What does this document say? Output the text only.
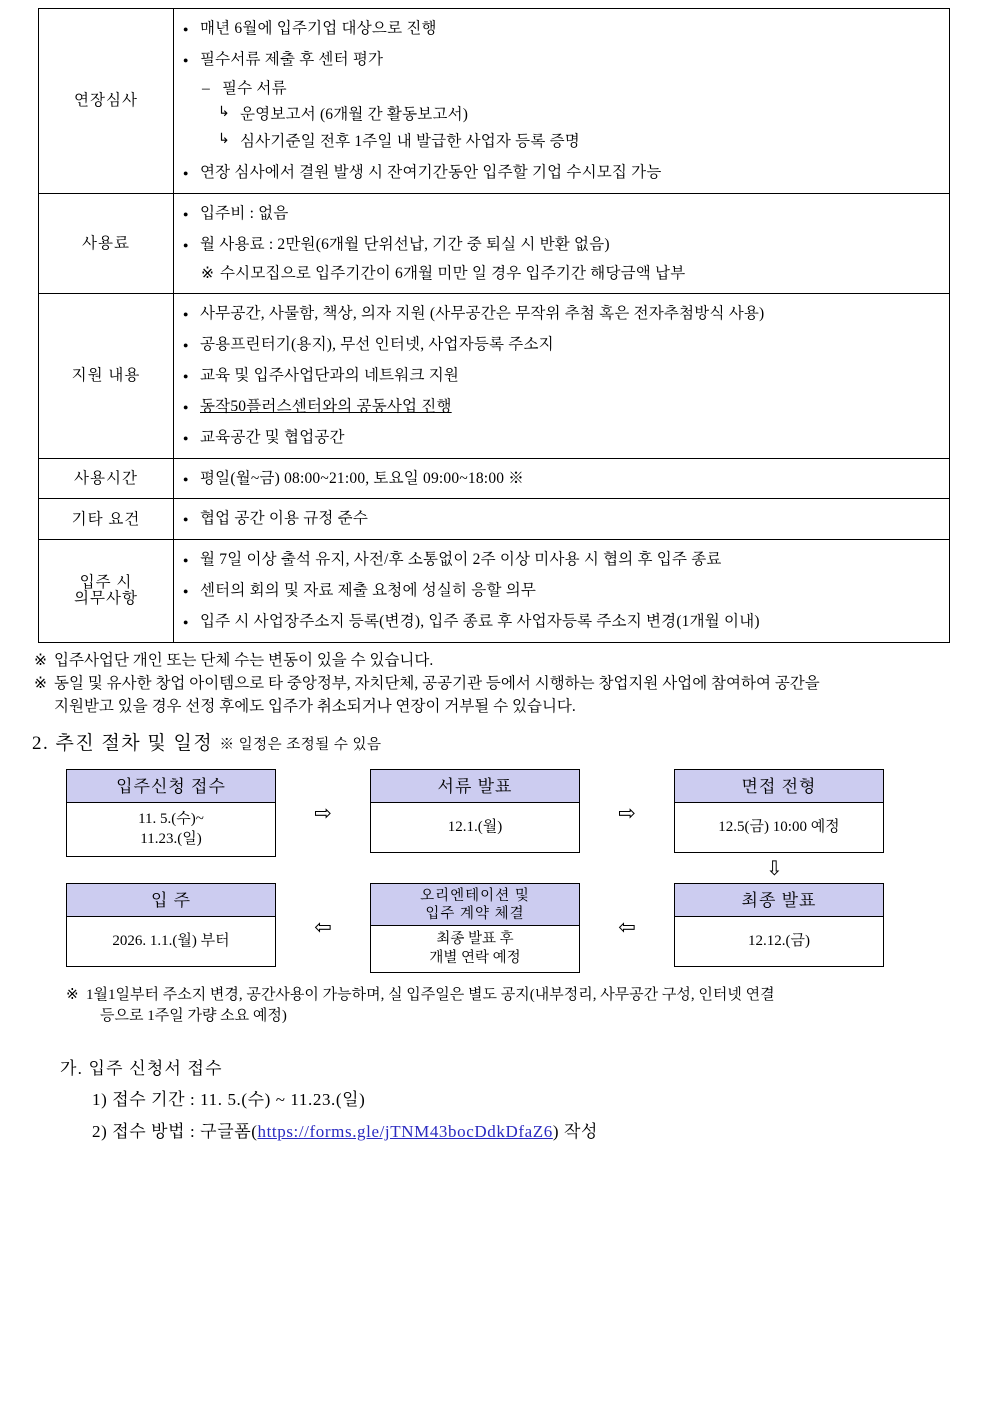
연장심사	
● 매년 6월에 입주기업 대상으로 진행
● 필수서류 제출 후 센터 평가
– 필수 서류
↳ 운영보고서 (6개월 간 활동보고서)
↳ 심사기준일 전후 1주일 내 발급한 사업자 등록 증명
● 연장 심사에서 결원 발생 시 잔여기간동안 입주할 기업 수시모집 가능

사용료	
● 입주비 : 없음
● 월 사용료 : 2만원(6개월 단위선납, 기간 중 퇴실 시 반환 없음)
※ 수시모집으로 입주기간이 6개월 미만 일 경우 입주기간 해당금액 납부

지원 내용	
● 사무공간, 사물함, 책상, 의자 지원 (사무공간은 무작위 추첨 혹은 전자추첨방식 사용)
● 공용프린터기(용지), 무선 인터넷, 사업자등록 주소지
● 교육 및 입주사업단과의 네트워크 지원
● 동작50플러스센터와의 공동사업 진행
● 교육공간 및 협업공간

사용시간	
●평일(월~금) 08:00~21:00, 토요일 09:00~18:00 ※

기타 요건	
●협업 공간 이용 규정 준수

입주 시
의무사항

● 월 7일 이상 출석 유지, 사전/후 소통없이 2주 이상 미사용 시 협의 후 입주 종료
● 센터의 회의 및 자료 제출 요청에 성실히 응할 의무
● 입주 시 사업장주소지 등록(변경), 입주 종료 후 사업자등록 주소지 변경(1개월 이내)
※ 입주사업단 개인 또는 단체 수는 변동이 있을 수 있습니다.
※ 동일 및 유사한 창업 아이템으로 타 중앙정부, 자치단체, 공공기관 등에서 시행하는 창업지원 사업에 참여하여 공간을
지원받고 있을 경우 선정 후에도 입주가 취소되거나 연장이 거부될 수 있습니다.
2. 추진 절차 및 일정 ※ 일정은 조정될 수 있음
입주신청 접수
11. 5.(수)~
11.23.(일)
⇨
서류 발표
12.1.(월)
⇨
면접 전형
12.5(금) 10:00 예정
⇩
입 주
2026. 1.1.(월) 부터
⇦
오리엔테이션 및
입주 계약 체결
최종 발표 후
개별 연락 예정
⇦
최종 발표
12.12.(금)
※ 1월1일부터 주소지 변경, 공간사용이 가능하며, 실 입주일은 별도 공지(내부정리, 사무공간 구성, 인터넷 연결
등으로 1주일 가량 소요 예정)
가. 입주 신청서 접수
1) 접수 기간 : 11. 5.(수) ~ 11.23.(일)
2) 접수 방법 : 구글폼(https://forms.gle/jTNM43bocDdkDfaZ6) 작성
